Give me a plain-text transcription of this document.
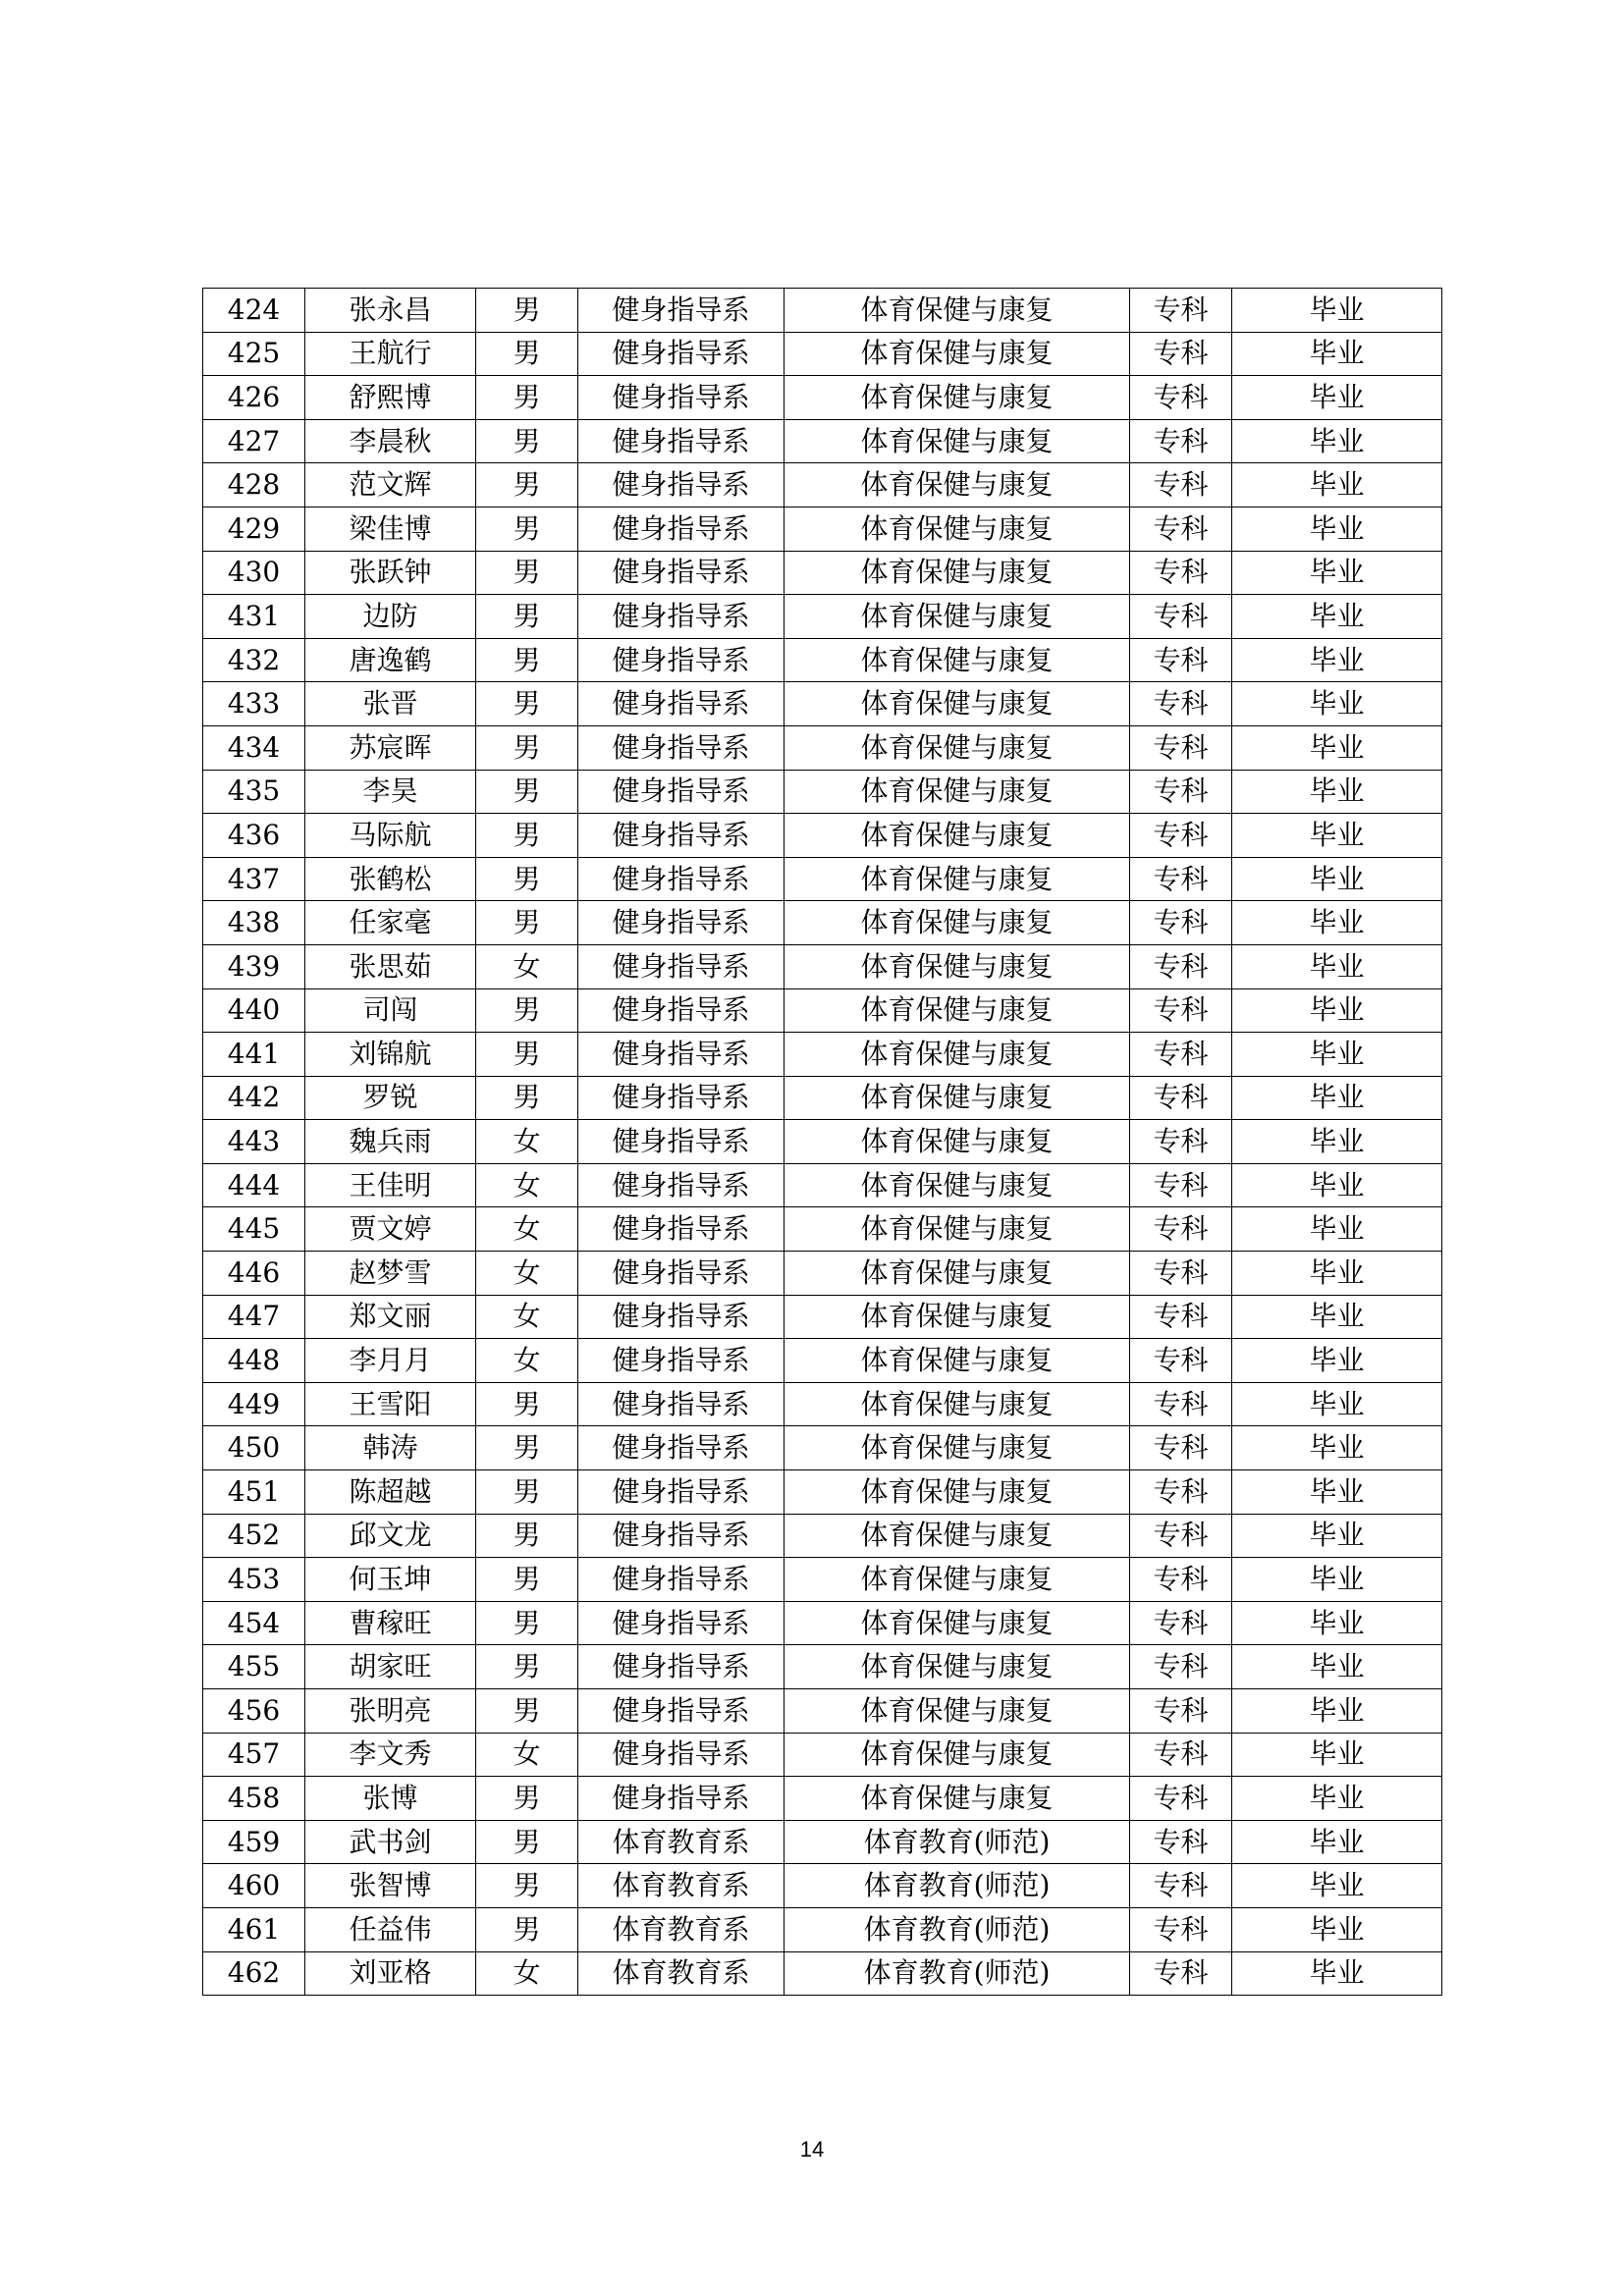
424	张永昌	男	健身指导系	体育保健与康复	专科	毕业
425	王航行	男	健身指导系	体育保健与康复	专科	毕业
426	舒熙博	男	健身指导系	体育保健与康复	专科	毕业
427	李晨秋	男	健身指导系	体育保健与康复	专科	毕业
428	范文辉	男	健身指导系	体育保健与康复	专科	毕业
429	梁佳博	男	健身指导系	体育保健与康复	专科	毕业
430	张跃钟	男	健身指导系	体育保健与康复	专科	毕业
431	边防	男	健身指导系	体育保健与康复	专科	毕业
432	唐逸鹤	男	健身指导系	体育保健与康复	专科	毕业
433	张晋	男	健身指导系	体育保健与康复	专科	毕业
434	苏宸晖	男	健身指导系	体育保健与康复	专科	毕业
435	李昊	男	健身指导系	体育保健与康复	专科	毕业
436	马际航	男	健身指导系	体育保健与康复	专科	毕业
437	张鹤松	男	健身指导系	体育保健与康复	专科	毕业
438	任家毫	男	健身指导系	体育保健与康复	专科	毕业
439	张思茹	女	健身指导系	体育保健与康复	专科	毕业
440	司闯	男	健身指导系	体育保健与康复	专科	毕业
441	刘锦航	男	健身指导系	体育保健与康复	专科	毕业
442	罗锐	男	健身指导系	体育保健与康复	专科	毕业
443	魏兵雨	女	健身指导系	体育保健与康复	专科	毕业
444	王佳明	女	健身指导系	体育保健与康复	专科	毕业
445	贾文婷	女	健身指导系	体育保健与康复	专科	毕业
446	赵梦雪	女	健身指导系	体育保健与康复	专科	毕业
447	郑文丽	女	健身指导系	体育保健与康复	专科	毕业
448	李月月	女	健身指导系	体育保健与康复	专科	毕业
449	王雪阳	男	健身指导系	体育保健与康复	专科	毕业
450	韩涛	男	健身指导系	体育保健与康复	专科	毕业
451	陈超越	男	健身指导系	体育保健与康复	专科	毕业
452	邱文龙	男	健身指导系	体育保健与康复	专科	毕业
453	何玉坤	男	健身指导系	体育保健与康复	专科	毕业
454	曹稼旺	男	健身指导系	体育保健与康复	专科	毕业
455	胡家旺	男	健身指导系	体育保健与康复	专科	毕业
456	张明亮	男	健身指导系	体育保健与康复	专科	毕业
457	李文秀	女	健身指导系	体育保健与康复	专科	毕业
458	张博	男	健身指导系	体育保健与康复	专科	毕业
459	武书剑	男	体育教育系	体育教育(师范)	专科	毕业
460	张智博	男	体育教育系	体育教育(师范)	专科	毕业
461	任益伟	男	体育教育系	体育教育(师范)	专科	毕业
462	刘亚格	女	体育教育系	体育教育(师范)	专科	毕业
14
